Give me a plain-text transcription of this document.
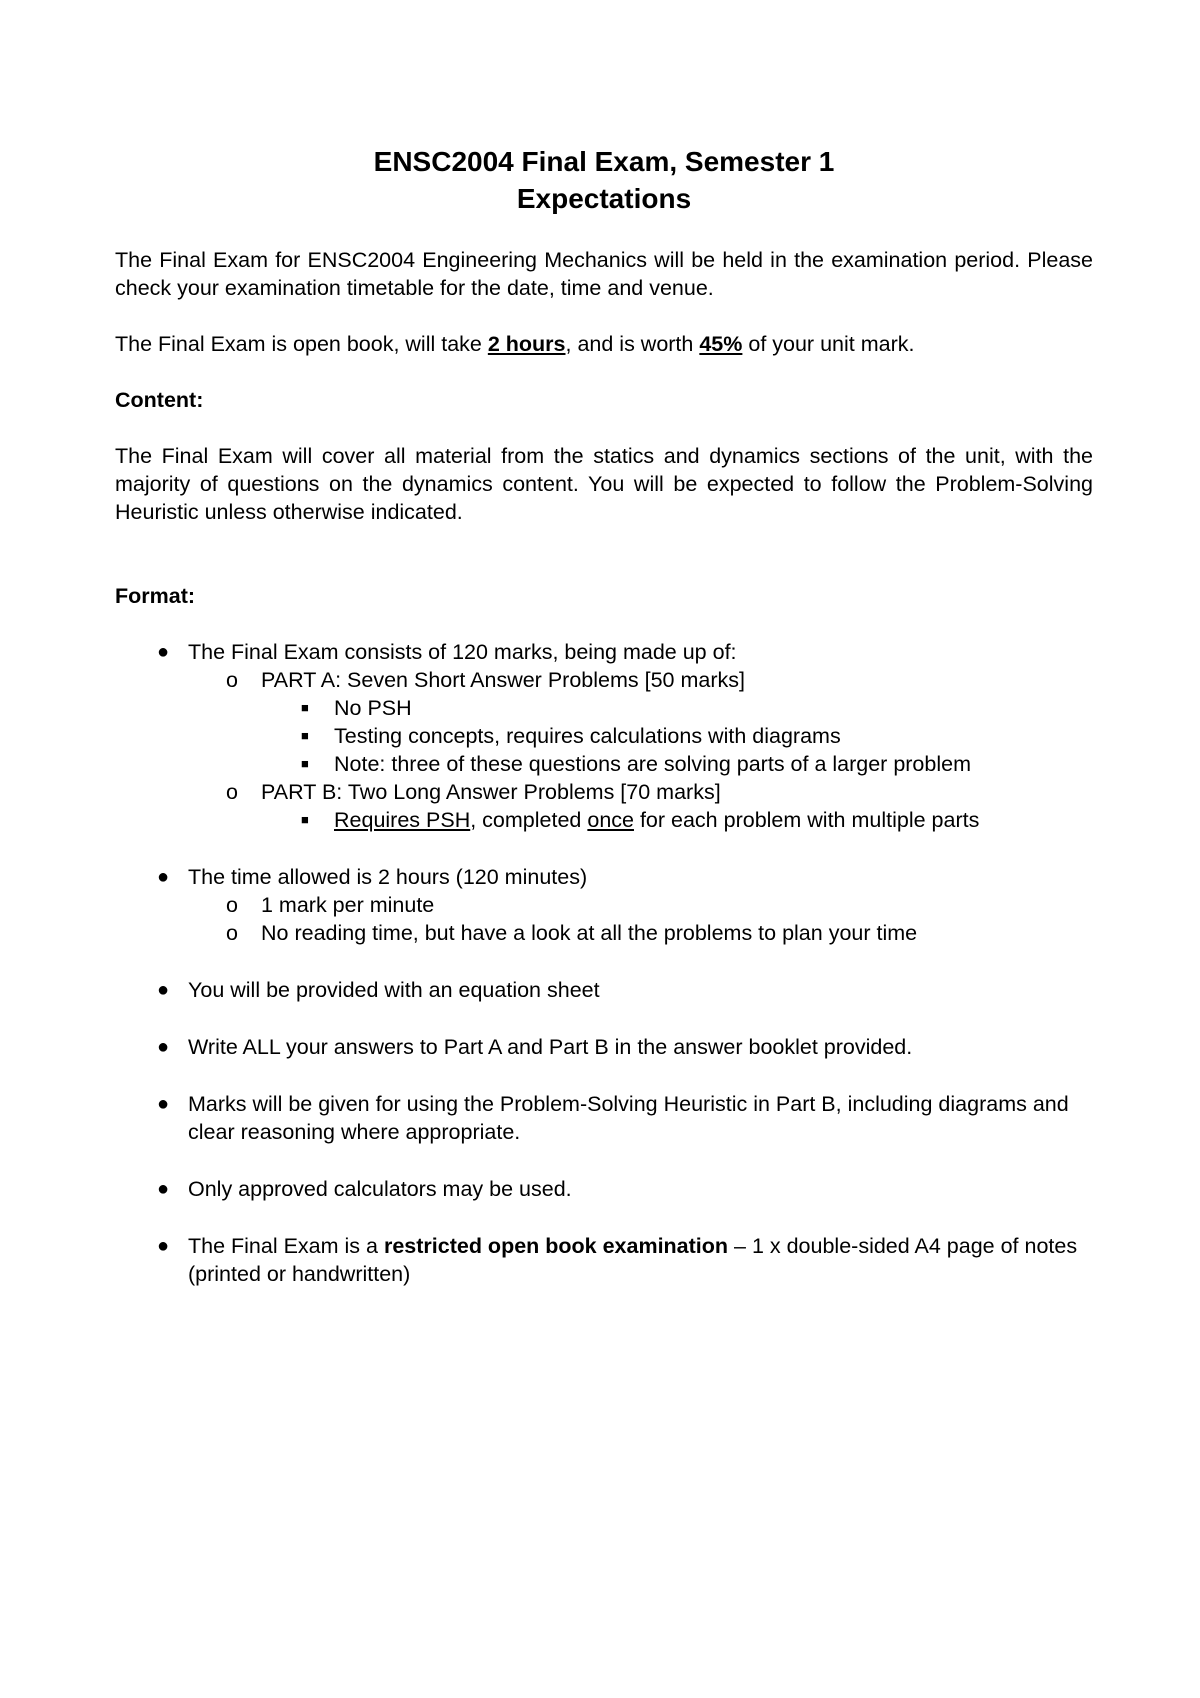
ENSC2004 Final Exam, Semester 1
Expectations

The Final Exam for ENSC2004 Engineering Mechanics will be held in the examination period. Please check your examination timetable for the date, time and venue.

The Final Exam is open book, will take 2 hours, and is worth 45% of your unit mark.

Content:

The Final Exam will cover all material from the statics and dynamics sections of the unit, with the majority of questions on the dynamics content. You will be expected to follow the Problem-Solving Heuristic unless otherwise indicated.

Format:

● The Final Exam consists of 120 marks, being made up of:
o PART A: Seven Short Answer Problems [50 marks]
■ No PSH
■ Testing concepts, requires calculations with diagrams
■ Note: three of these questions are solving parts of a larger problem
o PART B: Two Long Answer Problems [70 marks]
■ Requires PSH, completed once for each problem with multiple parts
● The time allowed is 2 hours (120 minutes)
o 1 mark per minute
o No reading time, but have a look at all the problems to plan your time
● You will be provided with an equation sheet
● Write ALL your answers to Part A and Part B in the answer booklet provided.
● Marks will be given for using the Problem-Solving Heuristic in Part B, including diagrams and clear reasoning where appropriate.
● Only approved calculators may be used.
● The Final Exam is a restricted open book examination – 1 x double-sided A4 page of notes (printed or handwritten)
